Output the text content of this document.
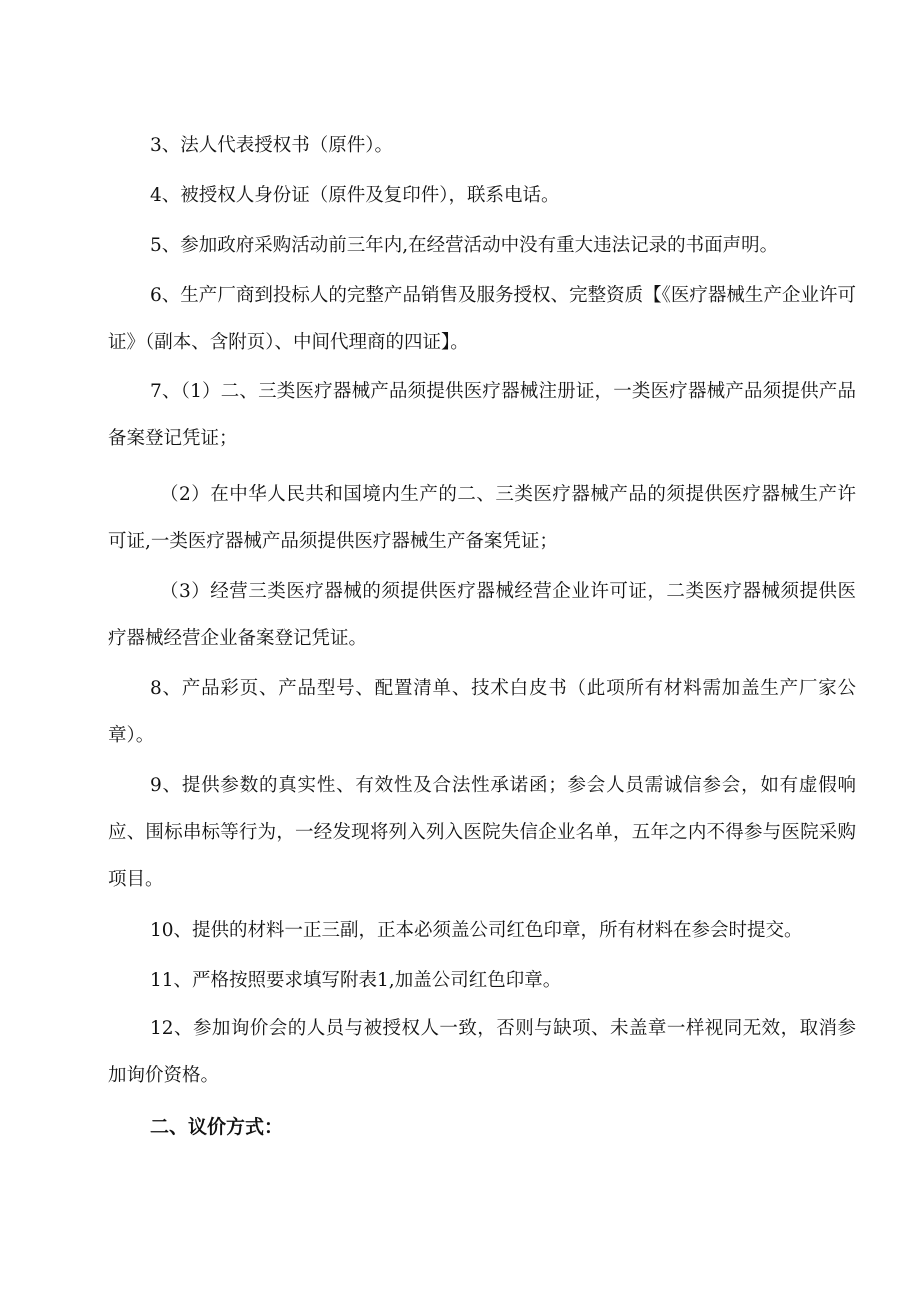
3、法人代表授权书（原件）。

4、被授权人身份证（原件及复印件），联系电话。

5、参加政府采购活动前三年内,在经营活动中没有重大违法记录的书面声明。

6、生产厂商到投标人的完整产品销售及服务授权、完整资质【《医疗器械生产企业许可证》（副本、含附页）、中间代理商的四证】。

7、（1）二、三类医疗器械产品须提供医疗器械注册证，一类医疗器械产品须提供产品备案登记凭证；

（2）在中华人民共和国境内生产的二、三类医疗器械产品的须提供医疗器械生产许可证,一类医疗器械产品须提供医疗器械生产备案凭证；

（3）经营三类医疗器械的须提供医疗器械经营企业许可证，二类医疗器械须提供医疗器械经营企业备案登记凭证。

8、产品彩页、产品型号、配置清单、技术白皮书（此项所有材料需加盖生产厂家公章）。

9、提供参数的真实性、有效性及合法性承诺函；参会人员需诚信参会，如有虚假响应、围标串标等行为，一经发现将列入列入医院失信企业名单，五年之内不得参与医院采购项目。

10、提供的材料一正三副，正本必须盖公司红色印章，所有材料在参会时提交。

11、严格按照要求填写附表1,加盖公司红色印章。

12、参加询价会的人员与被授权人一致，否则与缺项、未盖章一样视同无效，取消参加询价资格。

二、议价方式：
